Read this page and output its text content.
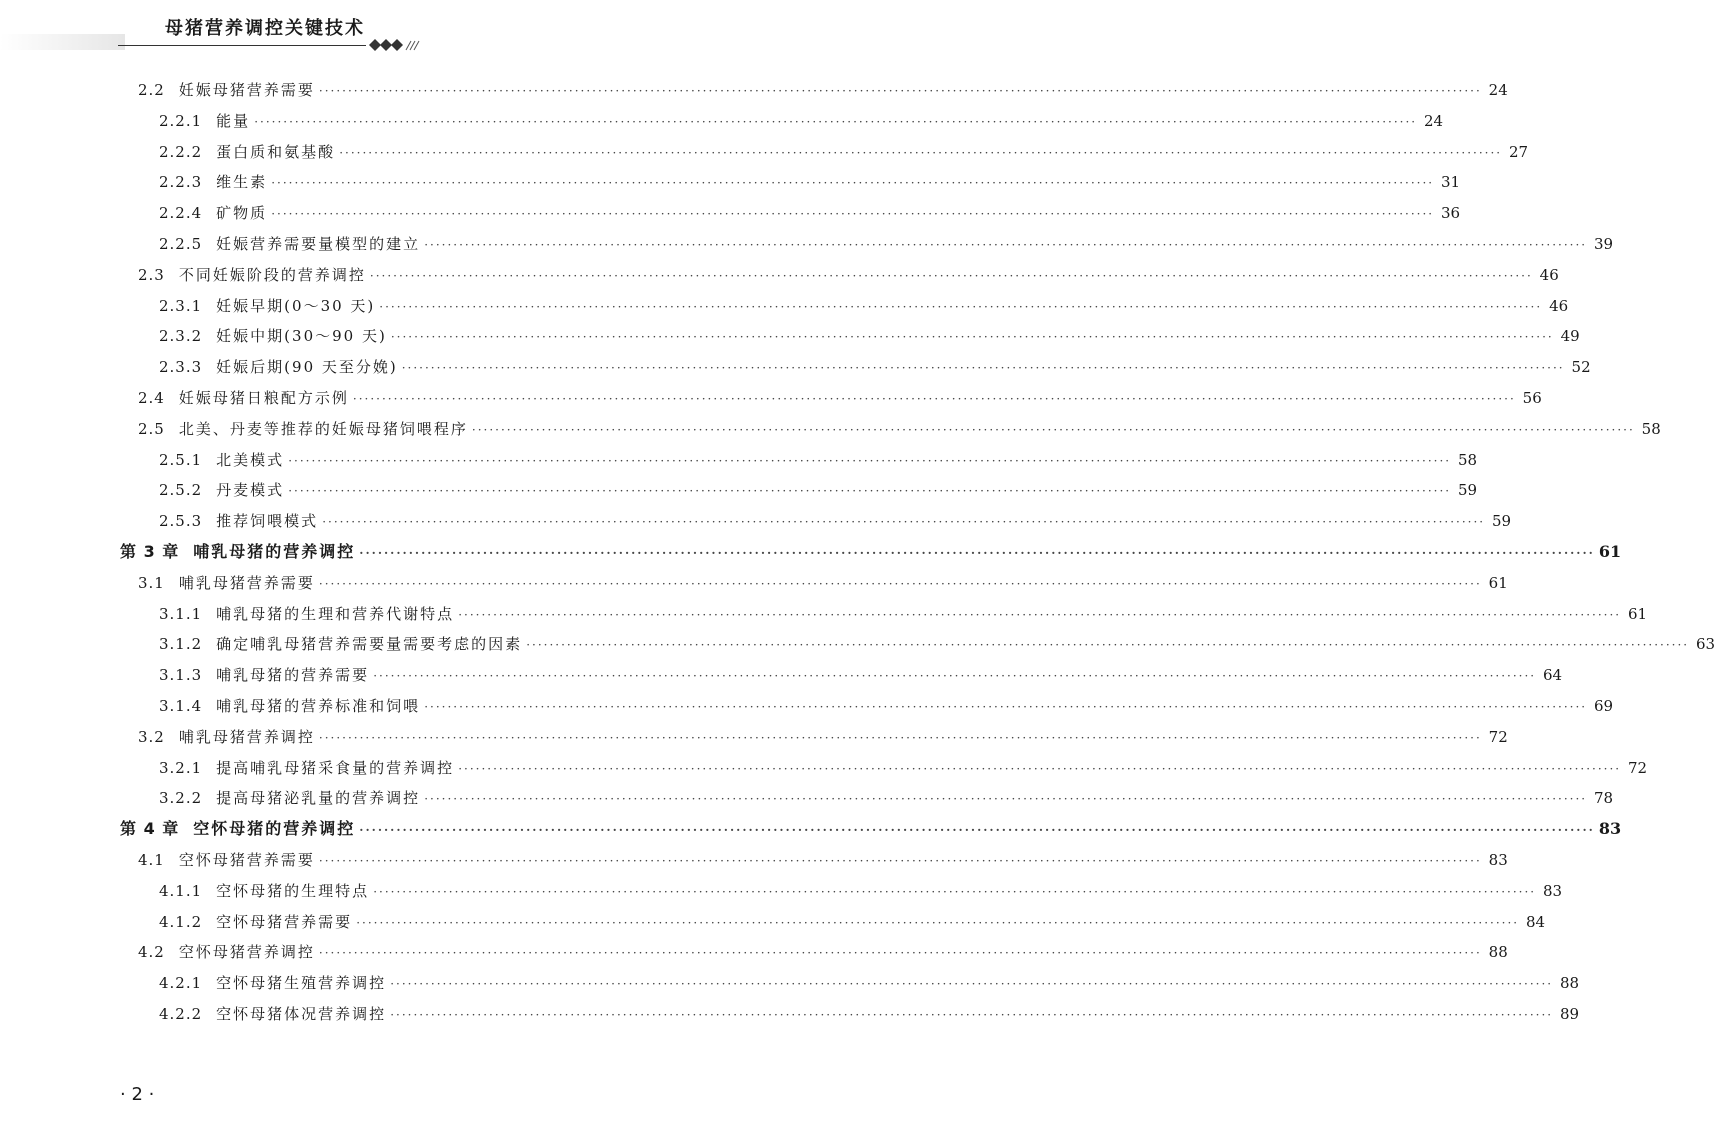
母猪营养调控关键技术
2.2 妊娠母猪营养需要 ········································································································································································································ 24
2.2.1 能量 ········································································································································································································ 24
2.2.2 蛋白质和氨基酸 ········································································································································································································ 27
2.2.3 维生素 ········································································································································································································ 31
2.2.4 矿物质 ········································································································································································································ 36
2.2.5 妊娠营养需要量模型的建立 ········································································································································································································ 39
2.3 不同妊娠阶段的营养调控 ········································································································································································································ 46
2.3.1 妊娠早期(0～30 天) ········································································································································································································ 46
2.3.2 妊娠中期(30～90 天) ········································································································································································································ 49
2.3.3 妊娠后期(90 天至分娩) ········································································································································································································ 52
2.4 妊娠母猪日粮配方示例 ········································································································································································································ 56
2.5 北美、丹麦等推荐的妊娠母猪饲喂程序 ········································································································································································································ 58
2.5.1 北美模式 ········································································································································································································ 58
2.5.2 丹麦模式 ········································································································································································································ 59
2.5.3 推荐饲喂模式 ········································································································································································································ 59
第 3 章 哺乳母猪的营养调控 ········································································································································································································ 61
3.1 哺乳母猪营养需要 ········································································································································································································ 61
3.1.1 哺乳母猪的生理和营养代谢特点 ········································································································································································································ 61
3.1.2 确定哺乳母猪营养需要量需要考虑的因素 ········································································································································································································ 63
3.1.3 哺乳母猪的营养需要 ········································································································································································································ 64
3.1.4 哺乳母猪的营养标准和饲喂 ········································································································································································································ 69
3.2 哺乳母猪营养调控 ········································································································································································································ 72
3.2.1 提高哺乳母猪采食量的营养调控 ········································································································································································································ 72
3.2.2 提高母猪泌乳量的营养调控 ········································································································································································································ 78
第 4 章 空怀母猪的营养调控 ········································································································································································································ 83
4.1 空怀母猪营养需要 ········································································································································································································ 83
4.1.1 空怀母猪的生理特点 ········································································································································································································ 83
4.1.2 空怀母猪营养需要 ········································································································································································································ 84
4.2 空怀母猪营养调控 ········································································································································································································ 88
4.2.1 空怀母猪生殖营养调控 ········································································································································································································ 88
4.2.2 空怀母猪体况营养调控 ········································································································································································································ 89
· 2 ·
